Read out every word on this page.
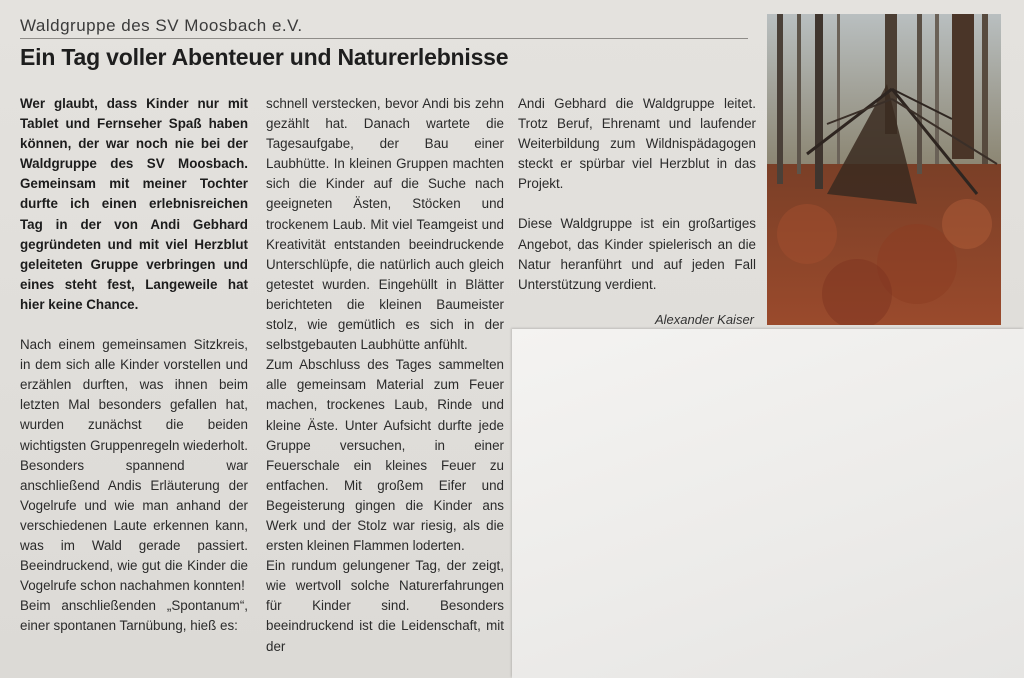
Waldgruppe des SV Moosbach e.V.
Ein Tag voller Abenteuer und Naturerlebnisse

Wer glaubt, dass Kinder nur mit Tablet und Fernseher Spaß haben können, der war noch nie bei der Waldgruppe des SV Moosbach. Gemeinsam mit meiner Tochter durfte ich einen erlebnisreichen Tag in der von Andi Gebhard gegründeten und mit viel Herzblut geleiteten Gruppe verbringen und eines steht fest, Langeweile hat hier keine Chance.

Nach einem gemeinsamen Sitzkreis, in dem sich alle Kinder vorstellen und erzählen durften, was ihnen beim letzten Mal besonders gefallen hat, wurden zunächst die beiden wichtigsten Gruppenregeln wiederholt. Besonders spannend war anschließend Andis Erläuterung der Vogelrufe und wie man anhand der verschiedenen Laute erkennen kann, was im Wald gerade passiert. Beeindruckend, wie gut die Kinder die Vogelrufe schon nachahmen konnten!

Beim anschließenden „Spontanum“, einer spontanen Tarnübung, hieß es:

schnell verstecken, bevor Andi bis zehn gezählt hat. Danach wartete die Tagesaufgabe, der Bau einer Laubhütte. In kleinen Gruppen machten sich die Kinder auf die Suche nach geeigneten Ästen, Stöcken und trockenem Laub. Mit viel Teamgeist und Kreativität entstanden beeindruckende Unterschlüpfe, die natürlich auch gleich getestet wurden. Eingehüllt in Blätter berichteten die kleinen Baumeister stolz, wie gemütlich es sich in der selbstgebauten Laubhütte anfühlt.

Zum Abschluss des Tages sammelten alle gemeinsam Material zum Feuer machen, trockenes Laub, Rinde und kleine Äste. Unter Aufsicht durfte jede Gruppe versuchen, in einer Feuerschale ein kleines Feuer zu entfachen. Mit großem Eifer und Begeisterung gingen die Kinder ans Werk und der Stolz war riesig, als die ersten kleinen Flammen loderten.

Ein rundum gelungener Tag, der zeigt, wie wertvoll solche Naturerfahrungen für Kinder sind. Besonders beeindruckend ist die Leidenschaft, mit der

Andi Gebhard die Waldgruppe leitet. Trotz Beruf, Ehrenamt und laufender Weiterbildung zum Wildnispädagogen steckt er spürbar viel Herzblut in das Projekt.

Diese Waldgruppe ist ein großartiges Angebot, das Kinder spielerisch an die Natur heranführt und auf jeden Fall Unterstützung verdient.

Alexander Kaiser
